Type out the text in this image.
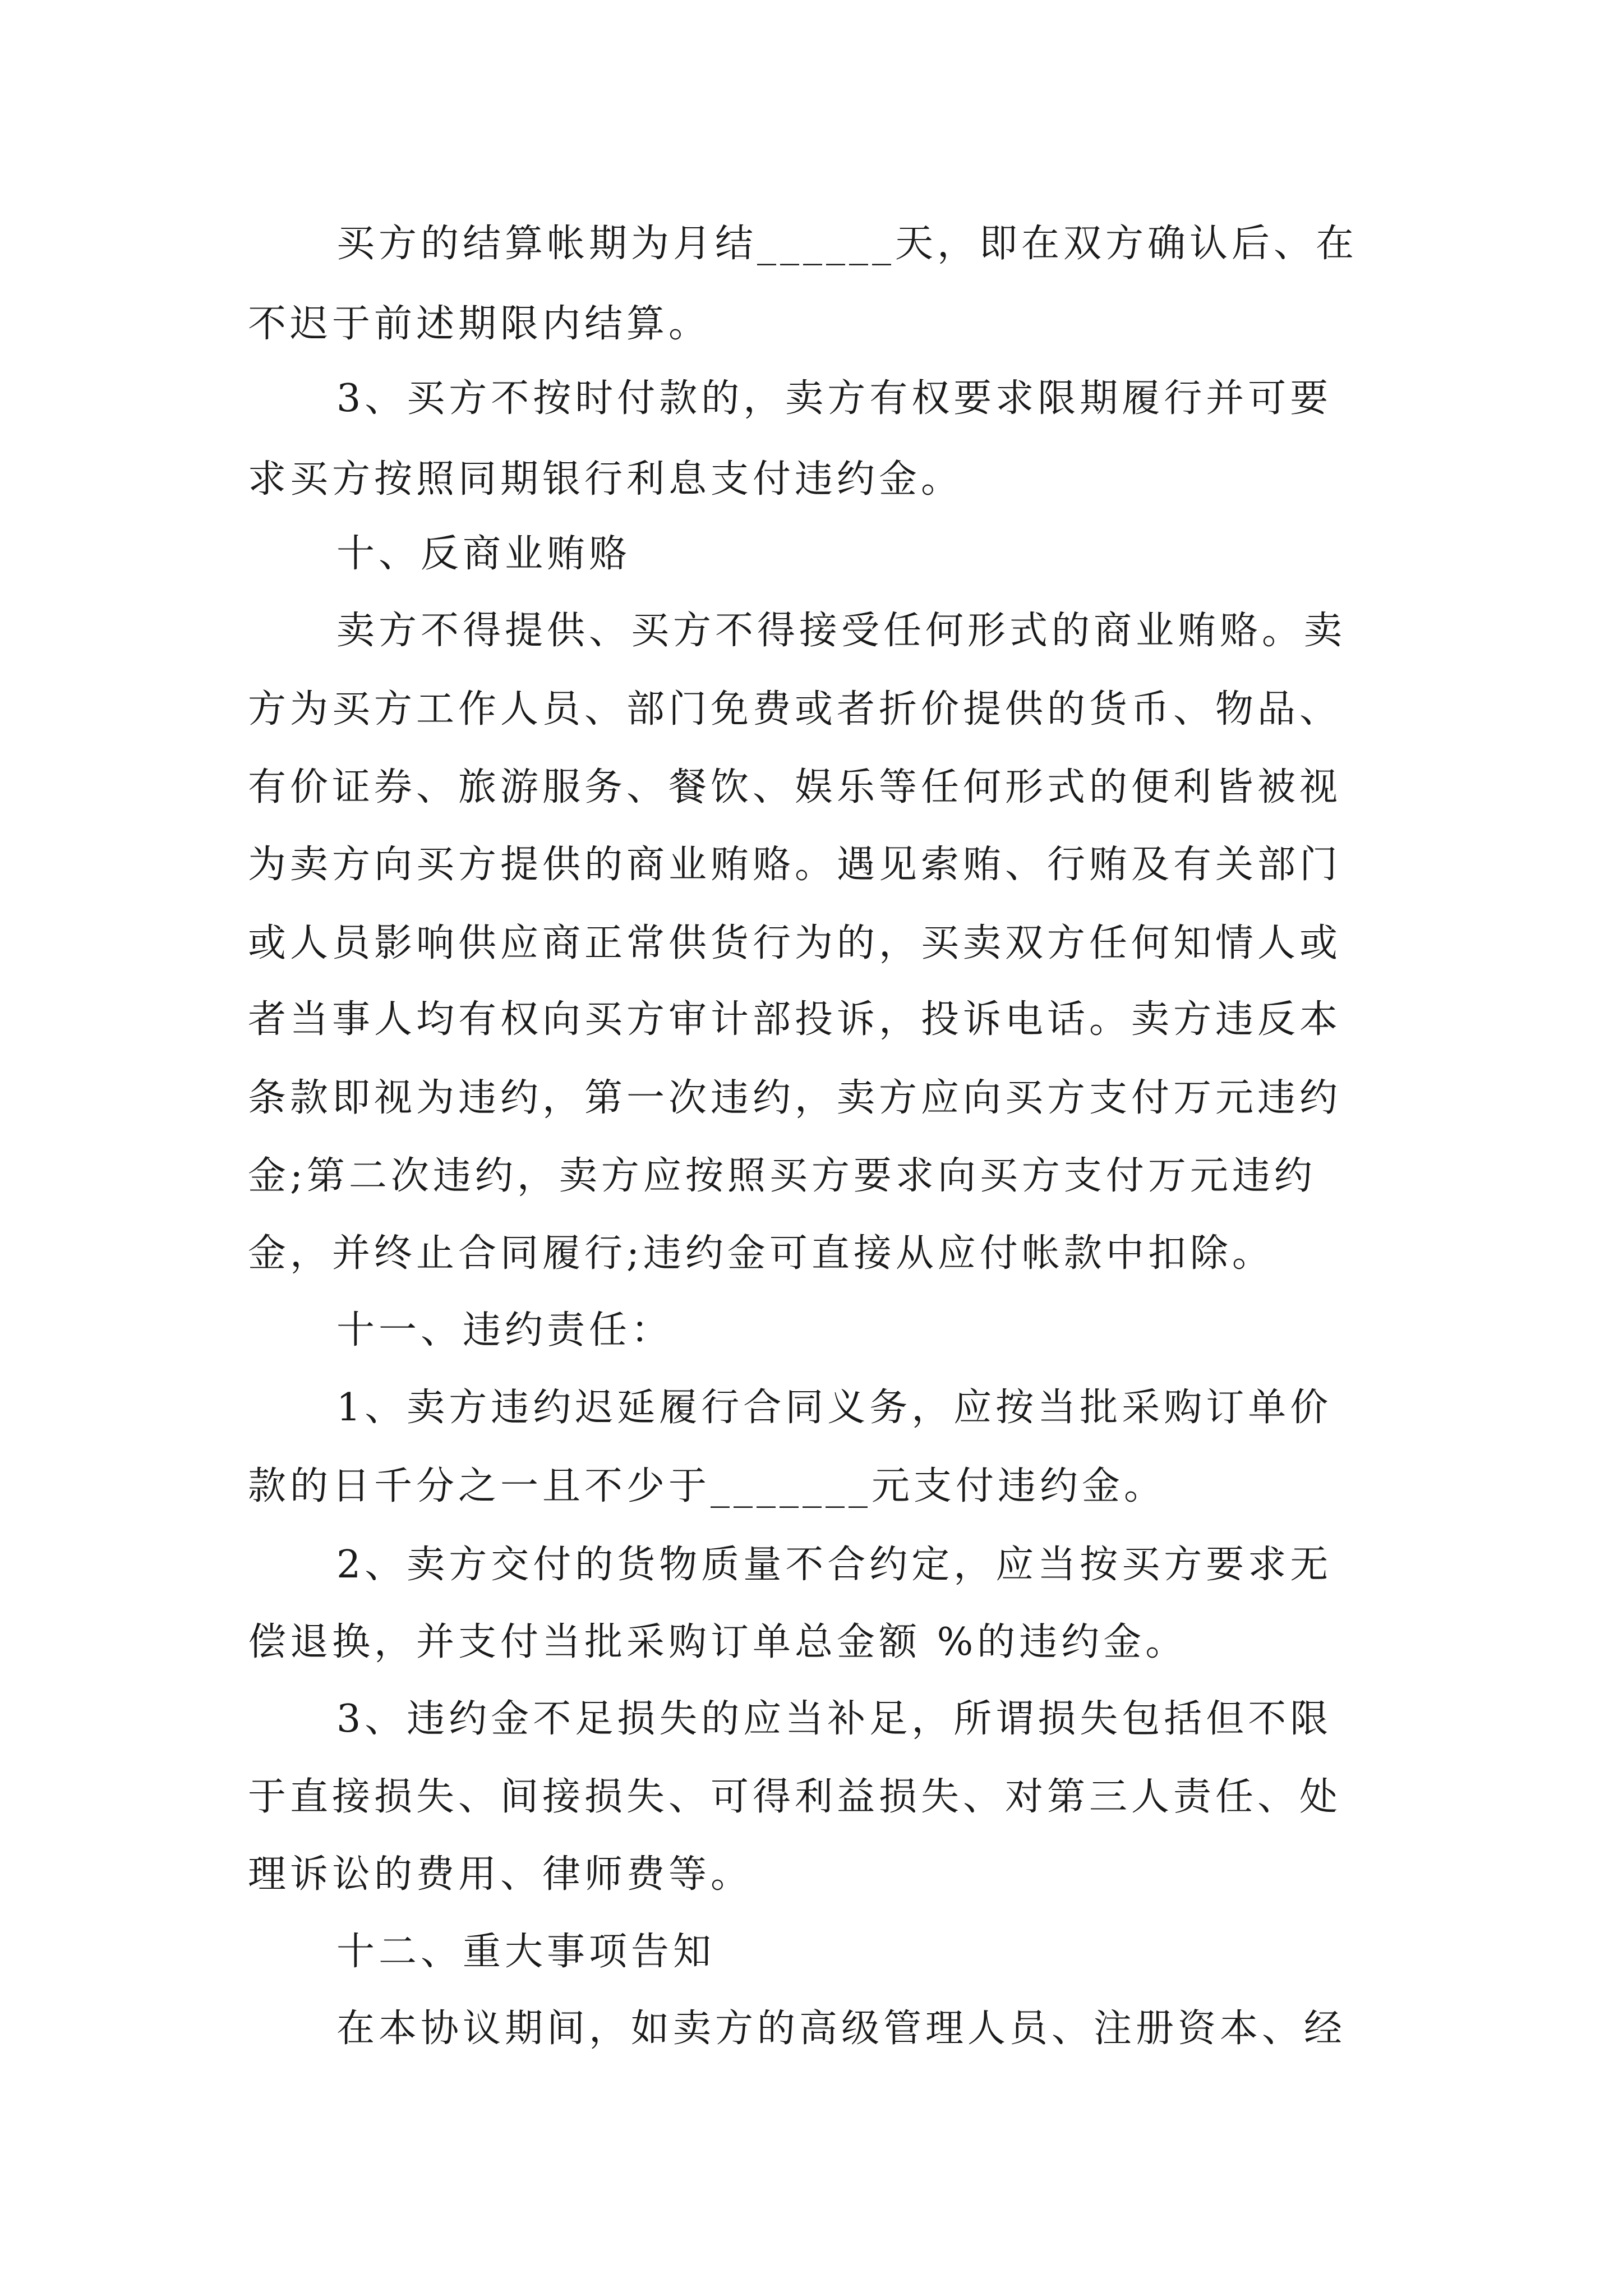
买方的结算帐期为月结______天，即在双方确认后、在
不迟于前述期限内结算。
3、买方不按时付款的，卖方有权要求限期履行并可要
求买方按照同期银行利息支付违约金。
十、反商业贿赂
卖方不得提供、买方不得接受任何形式的商业贿赂。卖
方为买方工作人员、部门免费或者折价提供的货币、物品、
有价证券、旅游服务、餐饮、娱乐等任何形式的便利皆被视
为卖方向买方提供的商业贿赂。遇见索贿、行贿及有关部门
或人员影响供应商正常供货行为的，买卖双方任何知情人或
者当事人均有权向买方审计部投诉，投诉电话。卖方违反本
条款即视为违约，第一次违约，卖方应向买方支付万元违约
金;第二次违约，卖方应按照买方要求向买方支付万元违约
金，并终止合同履行;违约金可直接从应付帐款中扣除。
十一、违约责任：
1、卖方违约迟延履行合同义务，应按当批采购订单价
款的日千分之一且不少于_______元支付违约金。
2、卖方交付的货物质量不合约定，应当按买方要求无
偿退换，并支付当批采购订单总金额 %的违约金。
3、违约金不足损失的应当补足，所谓损失包括但不限
于直接损失、间接损失、可得利益损失、对第三人责任、处
理诉讼的费用、律师费等。
十二、重大事项告知
在本协议期间，如卖方的高级管理人员、注册资本、经
